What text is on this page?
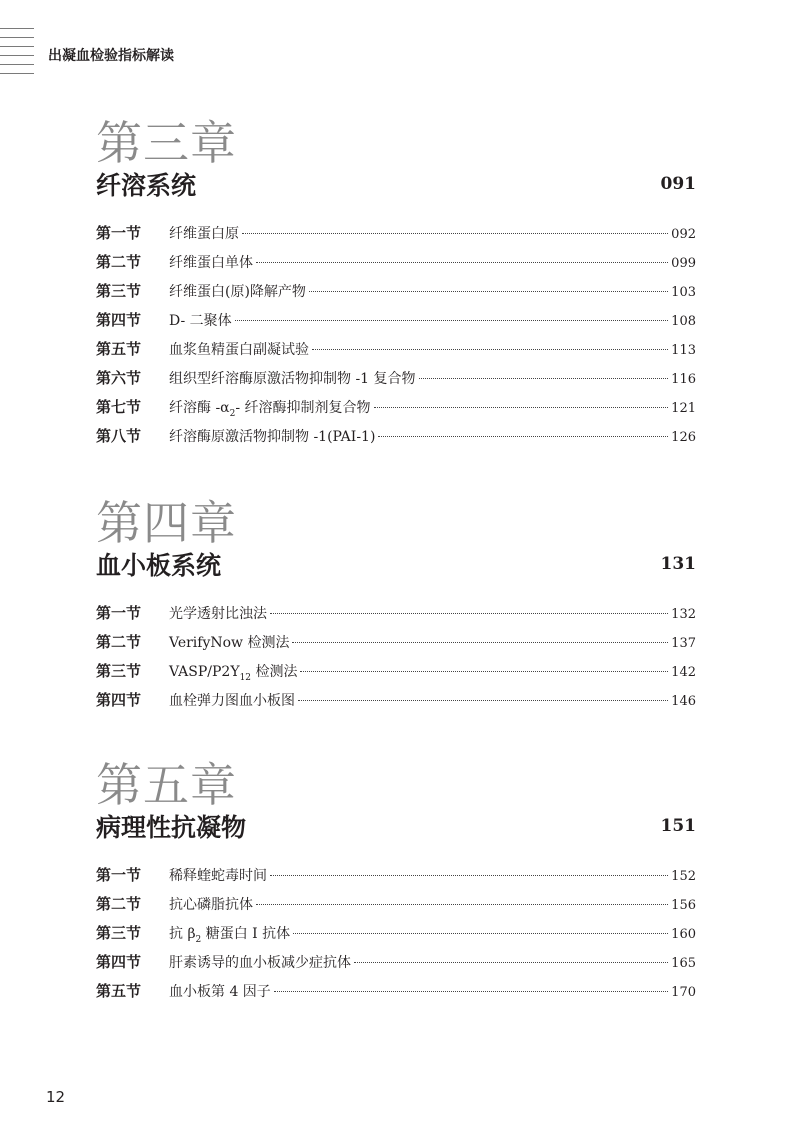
出凝血检验指标解读
第三章
纤溶系统	091
第一节	纤维蛋白原	092
第二节	纤维蛋白单体	099
第三节	纤维蛋白(原)降解产物	103
第四节	D- 二聚体	108
第五节	血浆鱼精蛋白副凝试验	113
第六节	组织型纤溶酶原激活物抑制物 -1 复合物	116
第七节	纤溶酶 $-\alpha_2-$ 纤溶酶抑制剂复合物	121
第八节	纤溶酶原激活物抑制物 -1(PAI-1)	126
第四章
血小板系统	131
第一节	光学透射比浊法	132
第二节	VerifyNow 检测法	137
第三节	VASP/$P2Y_{12}$ 检测法	142
第四节	血栓弹力图血小板图	146
第五章
病理性抗凝物	151
第一节	稀释蝰蛇毒时间	152
第二节	抗心磷脂抗体	156
第三节	抗 $\beta_2$ 糖蛋白 Ⅰ 抗体	160
第四节	肝素诱导的血小板减少症抗体	165
第五节	血小板第 4 因子	170
12
